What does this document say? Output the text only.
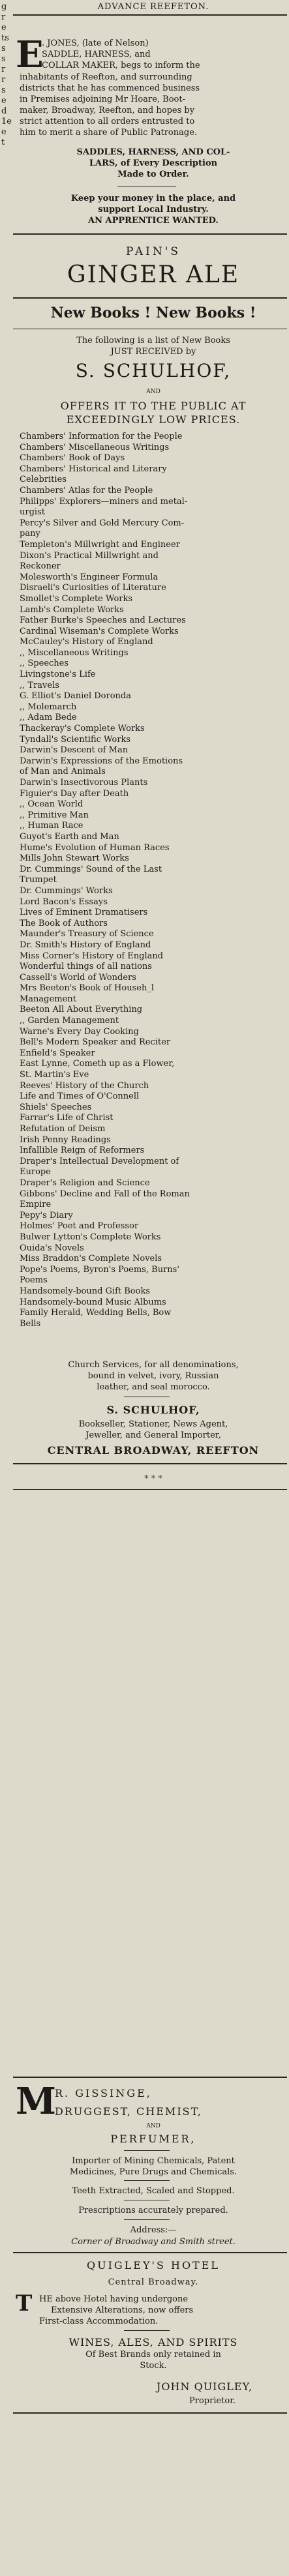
g
r
e
ts
s
s
r
r
s
e
d
1e
e
t
ADVANCE REEFETON.
E
. JONES, (late of Nelson)
SADDLE, HARNESS, and
COLLAR MAKER, begs to inform the
inhabitants of Reefton, and surrounding
districts that he has commenced business
in Premises adjoining Mr Hoare, Boot-
maker, Broadway, Reefton, and hopes by
strict attention to all orders entrusted to
him to merit a share of Public Patronage.
SADDLES, HARNESS, AND COL-
LARS, of Every Description
Made to Order.
Keep your money in the place, and
support Local Industry.
AN APPRENTICE WANTED.
PAIN'S
GINGER ALE
New Books ! New Books !
The following is a list of New Books
JUST RECEIVED by
S. SCHULHOF,
AND
OFFERS IT TO THE PUBLIC AT
EXCEEDINGLY LOW PRICES.
Chambers' Information for the People
Chambers' Miscellaneous Writings
Chambers' Book of Days
Chambers' Historical and Literary
Celebrities
Chambers' Atlas for the People
Philipps' Explorers—miners and metal-
urgist
Percy's Silver and Gold Mercury Com-
pany
Templeton's Millwright and Engineer
Dixon's Practical Millwright and
Reckoner
Molesworth's Engineer Formula
Disraeli's Curiosities of Literature
Smollet's Complete Works
Lamb's Complete Works
Father Burke's Speeches and Lectures
Cardinal Wiseman's Complete Works
McCauley's History of England
,, Miscellaneous Writings
,, Speeches
Livingstone's Life
,, Travels
G. Elliot's Daniel Doronda
,, Molemarch
,, Adam Bede
Thackeray's Complete Works
Tyndall's Scientific Works
Darwin's Descent of Man
Darwin's Expressions of the Emotions
of Man and Animals
Darwin's Insectivorous Plants
Figuier's Day after Death
,, Ocean World
,, Primitive Man
,, Human Race
Guyot's Earth and Man
Hume's Evolution of Human Races
Mills John Stewart Works
Dr. Cummings' Sound of the Last
Trumpet
Dr. Cummings' Works
Lord Bacon's Essays
Lives of Eminent Dramatisers
The Book of Authors
Maunder's Treasury of Science
Dr. Smith's History of England
Miss Corner's History of England
Wonderful things of all nations
Cassell's World of Wonders
Mrs Beeton's Book of Househ_l
Management
Beeton All About Everything
,, Garden Management
Warne's Every Day Cooking
Bell's Modern Speaker and Reciter
Enfield's Speaker
East Lynne, Cometh up as a Flower,
St. Martin's Eve
Reeves' History of the Church
Life and Times of O'Connell
Shiels' Speeches
Farrar's Life of Christ
Refutation of Deism
Irish Penny Readings
Infallible Reign of Reformers
Draper's Intellectual Development of
Europe
Draper's Religion and Science
Gibbons' Decline and Fall of the Roman
Empire
Pepy's Diary
Holmes' Poet and Professor
Bulwer Lytton's Complete Works
Ouida's Novels
Miss Braddon's Complete Novels
Pope's Poems, Byron's Poems, Burns'
Poems
Handsomely-bound Gift Books
Handsomely-bound Music Albums
Family Herald, Wedding Bells, Bow
Bells
Church Services, for all denominations,
bound in velvet, ivory, Russian
leather, and seal morocco.
S. SCHULHOF,
Bookseller, Stationer, News Agent,
Jeweller, and General Importer,
CENTRAL BROADWAY, REEFTON
* * *
M
R. GISSINGE,
DRUGGEST, CHEMIST,
AND
PERFUMER,
Importer of Mining Chemicals, Patent
Medicines, Pure Drugs and Chemicals.
Teeth Extracted, Scaled and Stopped.
Prescriptions accurately prepared.
Address:—
Corner of Broadway and Smith street.
QUIGLEY'S HOTEL
Central Broadway.
T HE above Hotel having undergone
Extensive Alterations, now offers
First-class Accommodation.
WINES, ALES, AND SPIRITS
Of Best Brands only retained in
Stock.
JOHN QUIGLEY,
Proprietor.
